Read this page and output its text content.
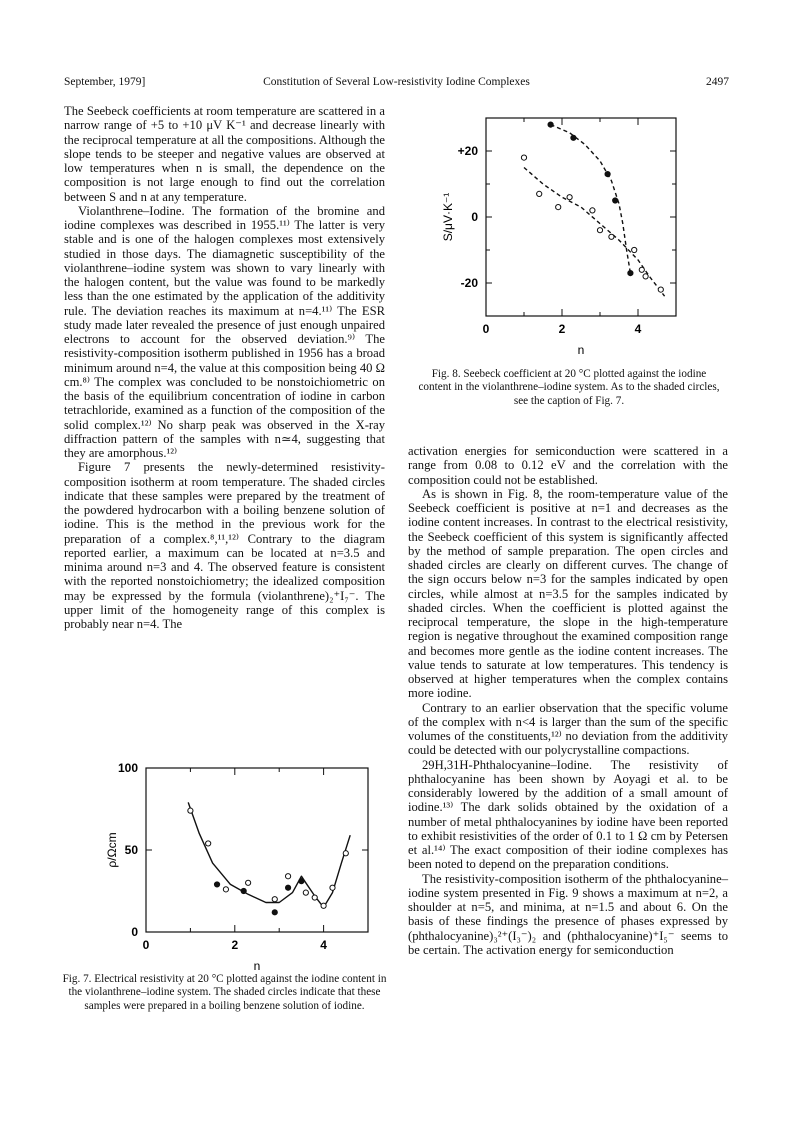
September, 1979]	Constitution of Several Low-resistivity Iodine Complexes	2497

The Seebeck coefficients at room temperature are scattered in a narrow range of +5 to +10 μV K⁻¹ and decrease linearly with the reciprocal temperature at all the compositions. Although the slope tends to be steeper and negative values are observed at low temperatures when n is small, the dependence on the composition is not large enough to find out the correlation between S and n at any temperature.

Violanthrene–Iodine. The formation of the bromine and iodine complexes was described in 1955.¹¹⁾ The latter is very stable and is one of the halogen complexes most extensively studied in those days. The diamagnetic susceptibility of the violanthrene–iodine system was shown to vary linearly with the halogen content, but the value was found to be markedly less than the one estimated by the application of the additivity rule. The deviation reaches its maximum at n=4.¹¹⁾ The ESR study made later revealed the presence of just enough unpaired electrons to account for the observed deviation.⁹⁾ The resistivity-composition isotherm published in 1956 has a broad minimum around n=4, the value at this composition being 40 Ω cm.⁸⁾ The complex was concluded to be nonstoichiometric on the basis of the equilibrium concentration of iodine in carbon tetrachloride, examined as a function of the composition of the solid complex.¹²⁾ No sharp peak was observed in the X-ray diffraction pattern of the samples with n≃4, suggesting that they are amorphous.¹²⁾

Figure 7 presents the newly-determined resistivity-composition isotherm at room temperature. The shaded circles indicate that these samples were prepared by the treatment of the powdered hydrocarbon with a boiling benzene solution of iodine. This is the method in the previous work for the preparation of a complex.⁸,¹¹,¹²⁾ Contrary to the diagram reported earlier, a maximum can be located at n=3.5 and minima around n=3 and 4. The observed feature is consistent with the reported nonstoichiometry; the idealized composition may be expressed by the formula (violanthrene)₂⁺I₇⁻. The upper limit of the homogeneity range of this complex is probably near n=4. The

activation energies for semiconduction were scattered in a range from 0.08 to 0.12 eV and the correlation with the composition could not be established.

As is shown in Fig. 8, the room-temperature value of the Seebeck coefficient is positive at n=1 and decreases as the iodine content increases. In contrast to the electrical resistivity, the Seebeck coefficient of this system is significantly affected by the method of sample preparation. The open circles and shaded circles are clearly on different curves. The change of the sign occurs below n=3 for the samples indicated by open circles, while almost at n=3.5 for the samples indicated by shaded circles. When the coefficient is plotted against the reciprocal temperature, the slope in the high-temperature region is negative throughout the examined composition range and becomes more gentle as the iodine content increases. The value tends to saturate at low temperatures. This tendency is observed at higher temperatures when the complex contains more iodine.

Contrary to an earlier observation that the specific volume of the complex with n<4 is larger than the sum of the specific volumes of the constituents,¹²⁾ no deviation from the additivity could be detected with our polycrystalline compactions.

29H,31H-Phthalocyanine–Iodine. The resistivity of phthalocyanine has been shown by Aoyagi et al. to be considerably lowered by the addition of a small amount of iodine.¹³⁾ The dark solids obtained by the oxidation of a number of metal phthalocyanines by iodine have been reported to exhibit resistivities of the order of 0.1 to 1 Ω cm by Petersen et al.¹⁴⁾ The exact composition of their iodine complexes has been noted to depend on the preparation conditions.

The resistivity-composition isotherm of the phthalocyanine–iodine system presented in Fig. 9 shows a maximum at n=2, a shoulder at n=5, and minima, at n=1.5 and about 6. On the basis of these findings the presence of phases expressed by (phthalocyanine)₃²⁺(I₃⁻)₂ and (phthalocyanine)⁺I₅⁻ seems to be certain. The activation energy for semiconduction

0	2	4
0
50
100
n
ρ/Ωcm
Fig. 7. Electrical resistivity at 20 °C plotted against the iodine content in the violanthrene–iodine system. The shaded circles indicate that these samples were prepared in a boiling benzene solution of iodine.
0	2	4
+20
0
-20
n
S/μV·K⁻¹
Fig. 8. Seebeck coefficient at 20 °C plotted against the iodine content in the violanthrene–iodine system. As to the shaded circles, see the caption of Fig. 7.
